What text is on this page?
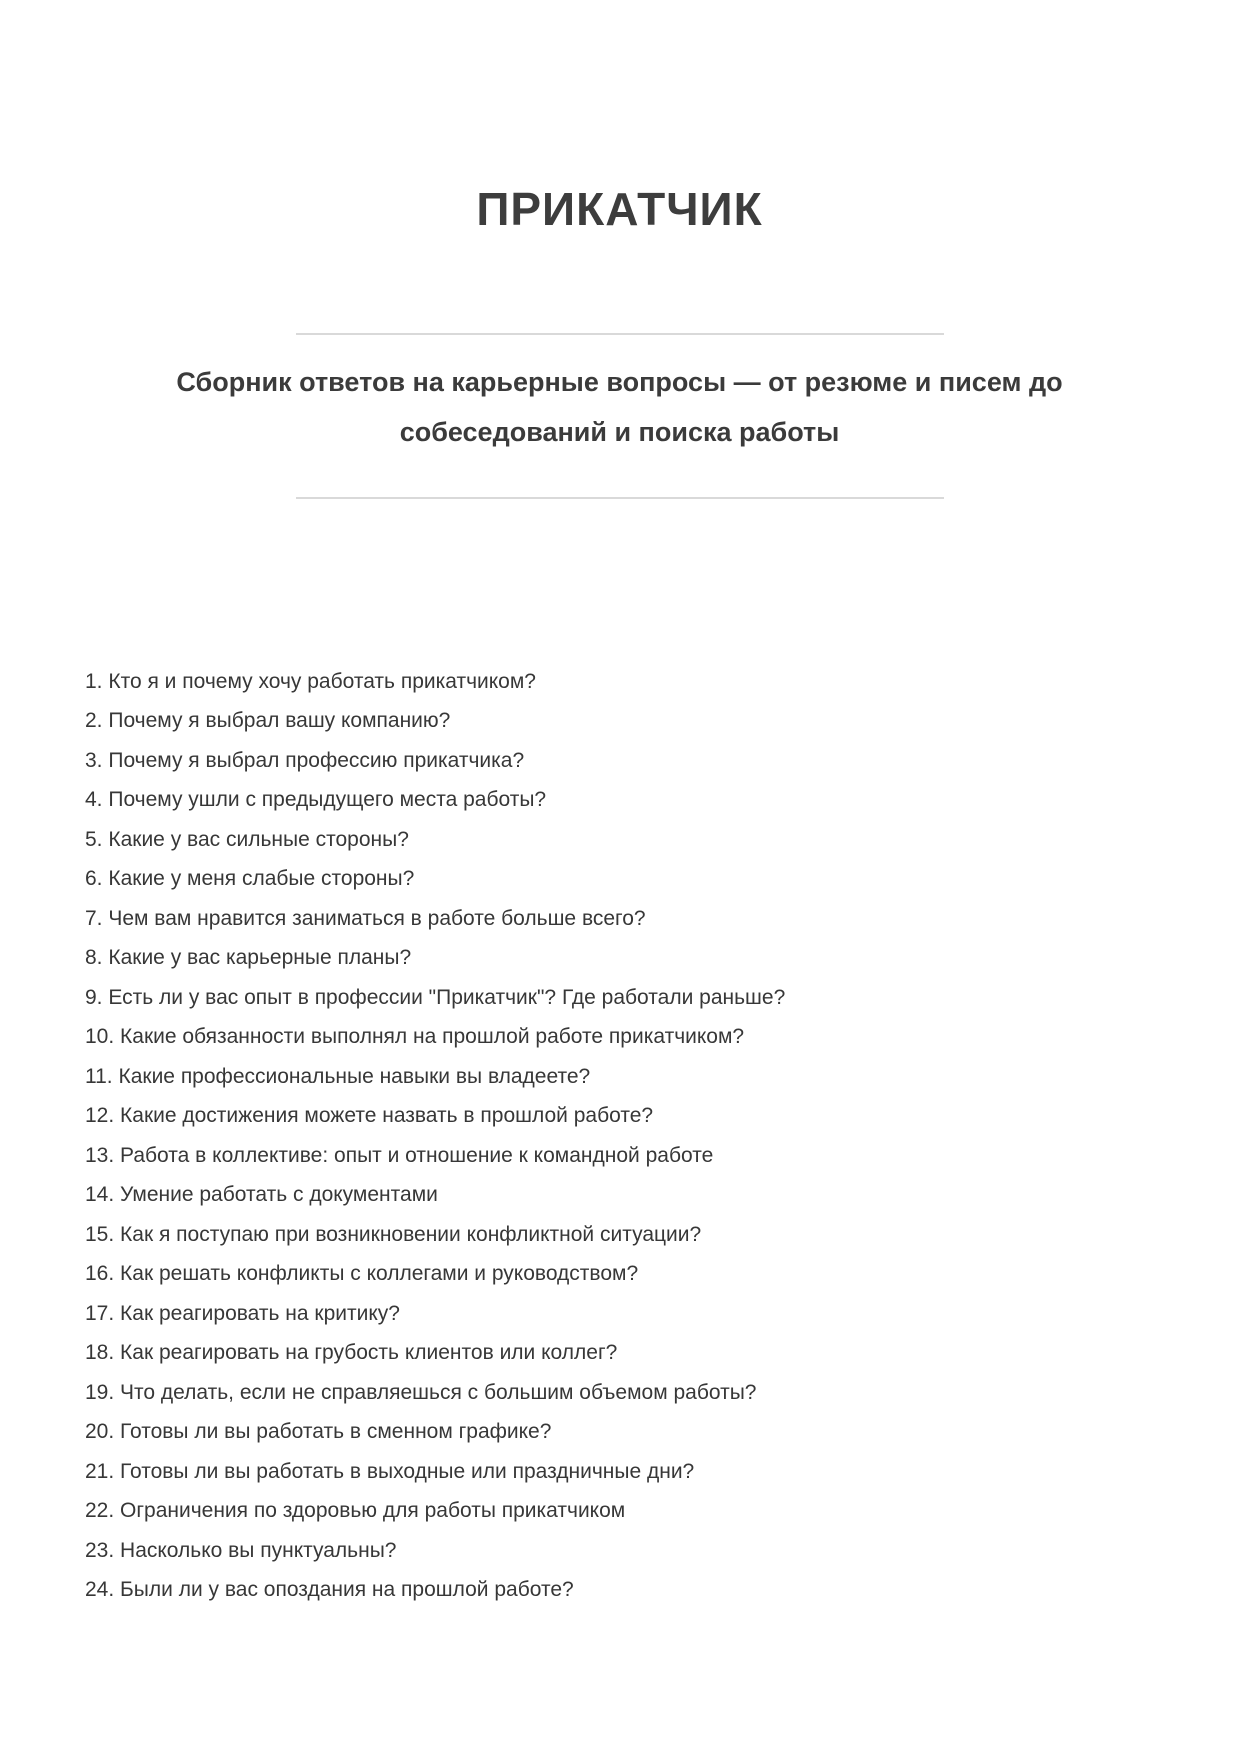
ПРИКАТЧИК
Сборник ответов на карьерные вопросы — от резюме и писем до
собеседований и поиска работы
1. Кто я и почему хочу работать прикатчиком?
2. Почему я выбрал вашу компанию?
3. Почему я выбрал профессию прикатчика?
4. Почему ушли с предыдущего места работы?
5. Какие у вас сильные стороны?
6. Какие у меня слабые стороны?
7. Чем вам нравится заниматься в работе больше всего?
8. Какие у вас карьерные планы?
9. Есть ли у вас опыт в профессии "Прикатчик"? Где работали раньше?
10. Какие обязанности выполнял на прошлой работе прикатчиком?
11. Какие профессиональные навыки вы владеете?
12. Какие достижения можете назвать в прошлой работе?
13. Работа в коллективе: опыт и отношение к командной работе
14. Умение работать с документами
15. Как я поступаю при возникновении конфликтной ситуации?
16. Как решать конфликты с коллегами и руководством?
17. Как реагировать на критику?
18. Как реагировать на грубость клиентов или коллег?
19. Что делать, если не справляешься с большим объемом работы?
20. Готовы ли вы работать в сменном графике?
21. Готовы ли вы работать в выходные или праздничные дни?
22. Ограничения по здоровью для работы прикатчиком
23. Насколько вы пунктуальны?
24. Были ли у вас опоздания на прошлой работе?
